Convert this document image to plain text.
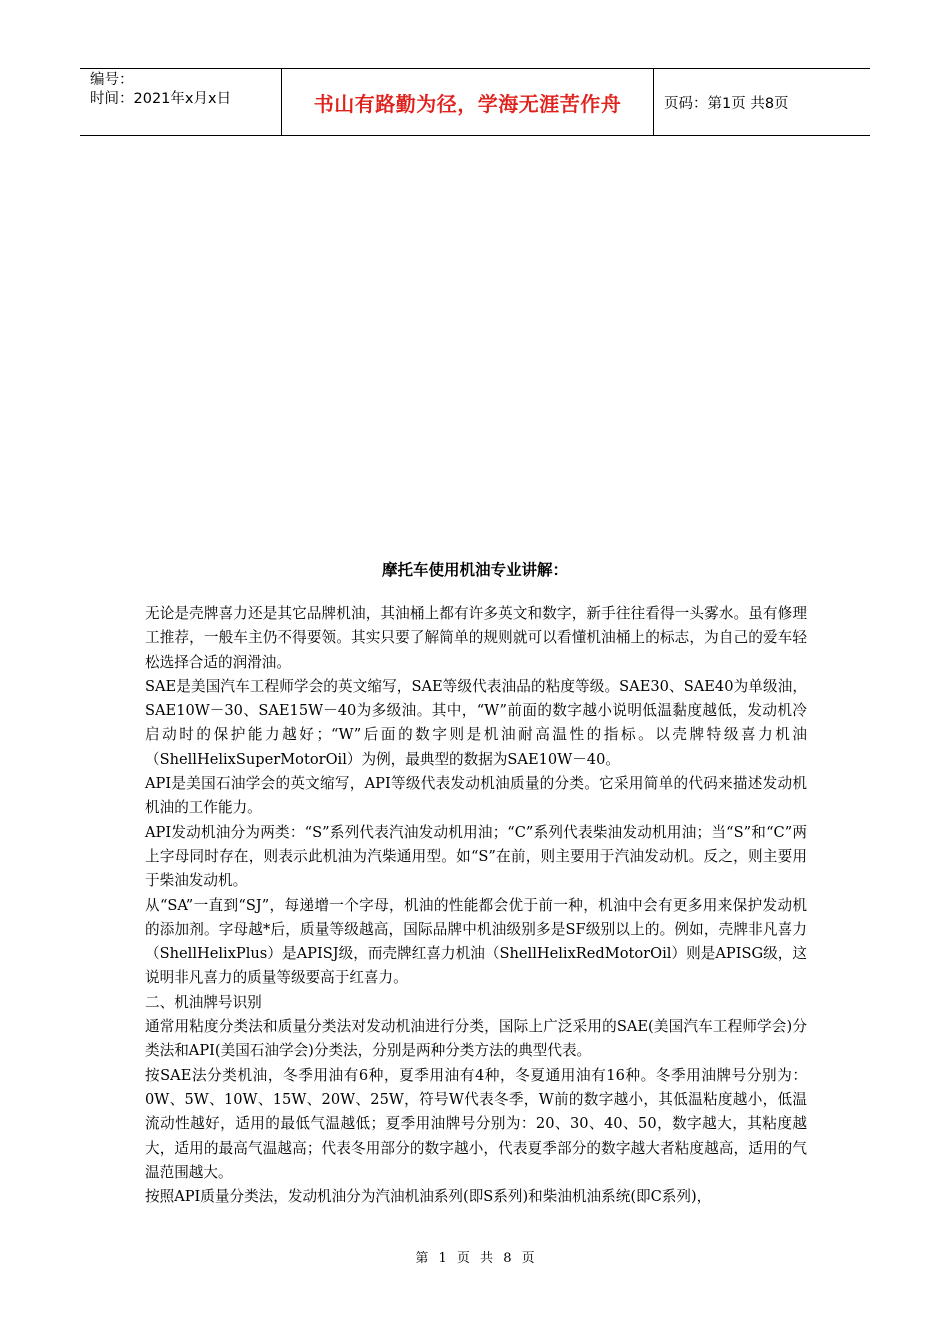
编号：
时间：2021年x月x日	书山有路勤为径，学海无涯苦作舟	页码：第1页 共8页
摩托车使用机油专业讲解：

无论是壳牌喜力还是其它品牌机油，其油桶上都有许多英文和数字，新手往往看得一头雾水。虽有修理工推荐，一般车主仍不得要领。其实只要了解简单的规则就可以看懂机油桶上的标志，为自己的爱车轻松选择合适的润滑油。

SAE是美国汽车工程师学会的英文缩写，SAE等级代表油品的粘度等级。SAE30、SAE40为单级油，SAE10W－30、SAE15W－40为多级油。其中，“W”前面的数字越小说明低温黏度越低，发动机冷启动时的保护能力越好；“W”后面的数字则是机油耐高温性的指标。以壳牌特级喜力机油（ShellHelixSuperMotorOil）为例，最典型的数据为SAE10W－40。

API是美国石油学会的英文缩写，API等级代表发动机油质量的分类。它采用简单的代码来描述发动机机油的工作能力。

API发动机油分为两类：“S”系列代表汽油发动机用油；“C”系列代表柴油发动机用油；当“S”和“C”两上字母同时存在，则表示此机油为汽柴通用型。如“S”在前，则主要用于汽油发动机。反之，则主要用于柴油发动机。

从“SA”一直到“SJ”，每递增一个字母，机油的性能都会优于前一种，机油中会有更多用来保护发动机的添加剂。字母越*后，质量等级越高，国际品牌中机油级别多是SF级别以上的。例如，壳牌非凡喜力（ShellHelixPlus）是APISJ级，而壳牌红喜力机油（ShellHelixRedMotorOil）则是APISG级，这说明非凡喜力的质量等级要高于红喜力。

二、机油牌号识别

通常用粘度分类法和质量分类法对发动机油进行分类，国际上广泛采用的SAE(美国汽车工程师学会)分类法和API(美国石油学会)分类法，分别是两种分类方法的典型代表。

按SAE法分类机油，冬季用油有6种，夏季用油有4种，冬夏通用油有16种。冬季用油牌号分别为：0W、5W、10W、15W、20W、25W，符号W代表冬季，W前的数字越小，其低温粘度越小，低温流动性越好，适用的最低气温越低；夏季用油牌号分别为：20、30、40、50，数字越大，其粘度越大，适用的最高气温越高；代表冬用部分的数字越小，代表夏季部分的数字越大者粘度越高，适用的气温范围越大。

按照API质量分类法，发动机油分为汽油机油系列(即S系列)和柴油机油系统(即C系列)，

第 1 页 共 8 页
